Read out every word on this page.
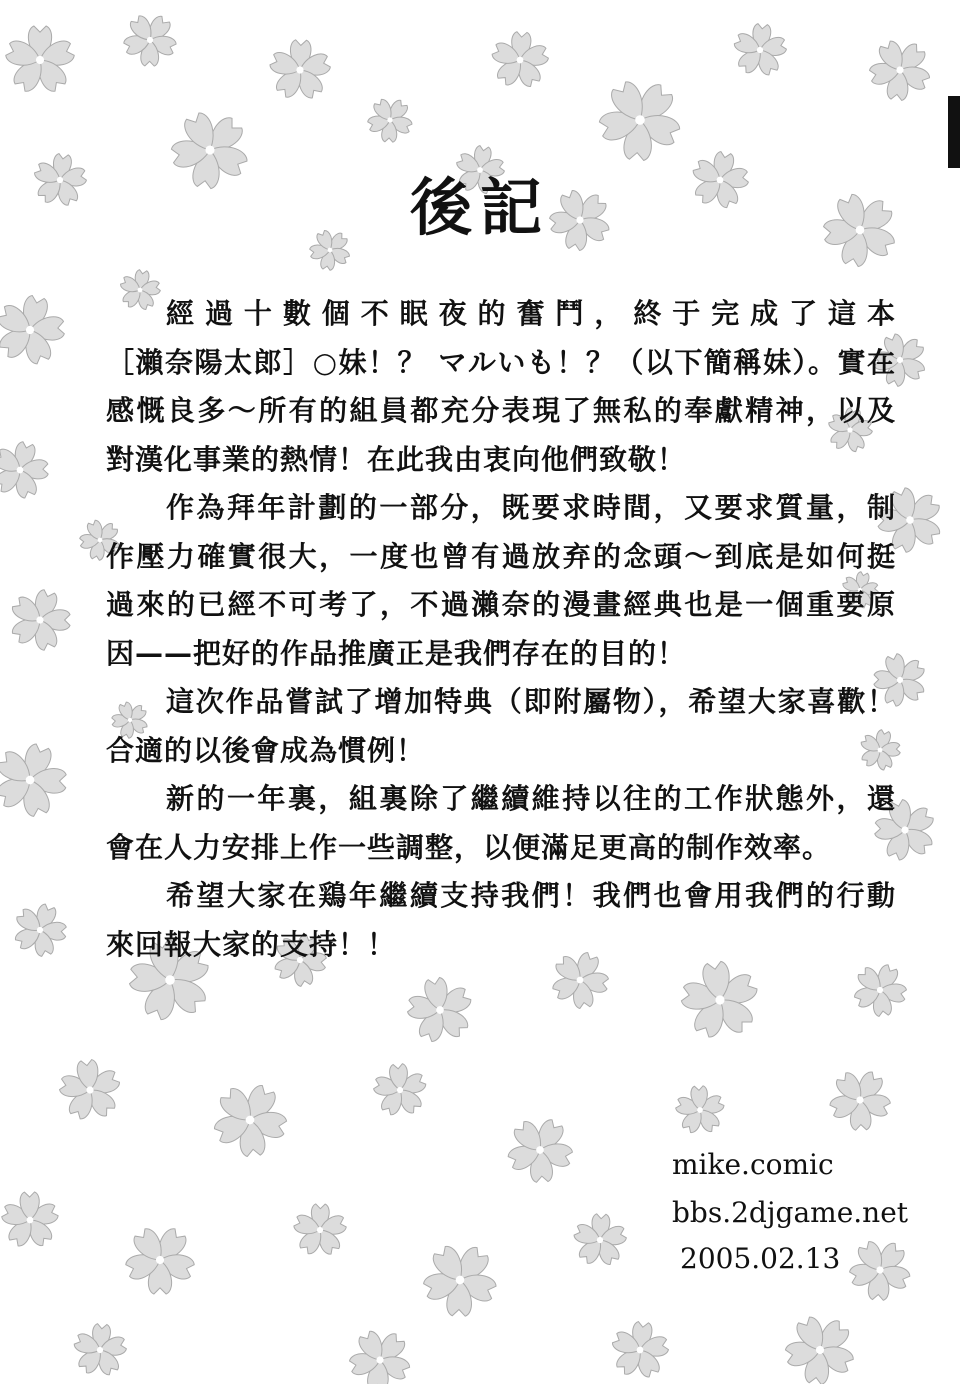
後記
經過十數個不眠夜的奮鬥，終于完成了這本
［瀨奈陽太郎］○妹！？ マルいも！？（以下簡稱妹）。實在
感慨良多～所有的組員都充分表現了無私的奉獻精神，以及
對漢化事業的熱情！在此我由衷向他們致敬！
作為拜年計劃的一部分，既要求時間，又要求質量，制
作壓力確實很大，一度也曾有過放弃的念頭～到底是如何挺
過來的已經不可考了，不過瀨奈的漫畫經典也是一個重要原
因——把好的作品推廣正是我們存在的目的！
這次作品嘗試了增加特典（即附屬物），希望大家喜歡！
合適的以後會成為慣例！
新的一年裏，組裏除了繼續維持以往的工作狀態外，還
會在人力安排上作一些調整，以便滿足更高的制作效率。
希望大家在鶏年繼續支持我們！我們也會用我們的行動
來回報大家的支持！！
mike.comic
bbs.2djgame.net
2005.02.13
